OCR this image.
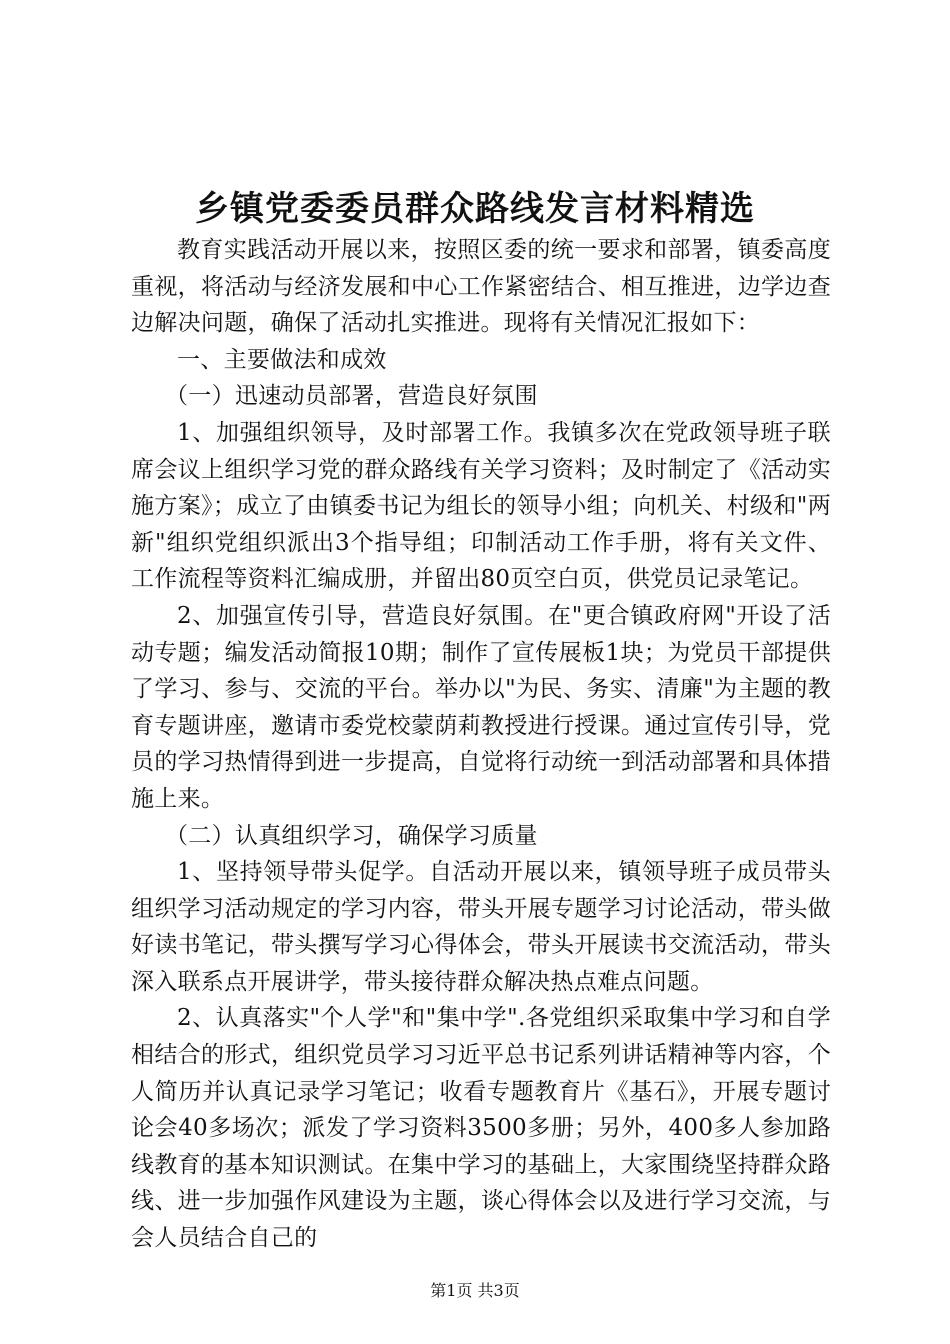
乡镇党委委员群众路线发言材料精选

教育实践活动开展以来，按照区委的统一要求和部署，镇委高度重视，将活动与经济发展和中心工作紧密结合、相互推进，边学边查边解决问题，确保了活动扎实推进。现将有关情况汇报如下：

一、主要做法和成效

（一）迅速动员部署，营造良好氛围

1、加强组织领导，及时部署工作。我镇多次在党政领导班子联席会议上组织学习党的群众路线有关学习资料；及时制定了《活动实施方案》；成立了由镇委书记为组长的领导小组；向机关、村级和"两新"组织党组织派出3个指导组；印制活动工作手册，将有关文件、工作流程等资料汇编成册，并留出80页空白页，供党员记录笔记。

2、加强宣传引导，营造良好氛围。在"更合镇政府网"开设了活动专题；编发活动简报10期；制作了宣传展板1块；为党员干部提供了学习、参与、交流的平台。举办以"为民、务实、清廉"为主题的教育专题讲座，邀请市委党校蒙荫莉教授进行授课。通过宣传引导，党员的学习热情得到进一步提高，自觉将行动统一到活动部署和具体措施上来。

（二）认真组织学习，确保学习质量

1、坚持领导带头促学。自活动开展以来，镇领导班子成员带头组织学习活动规定的学习内容，带头开展专题学习讨论活动，带头做好读书笔记，带头撰写学习心得体会，带头开展读书交流活动，带头深入联系点开展讲学，带头接待群众解决热点难点问题。

2、认真落实"个人学"和"集中学".各党组织采取集中学习和自学相结合的形式，组织党员学习习近平总书记系列讲话精神等内容，个人简历并认真记录学习笔记；收看专题教育片《基石》，开展专题讨论会40多场次；派发了学习资料3500多册；另外，400多人参加路线教育的基本知识测试。在集中学习的基础上，大家围绕坚持群众路线、进一步加强作风建设为主题，谈心得体会以及进行学习交流，与会人员结合自己的

第1页 共3页
